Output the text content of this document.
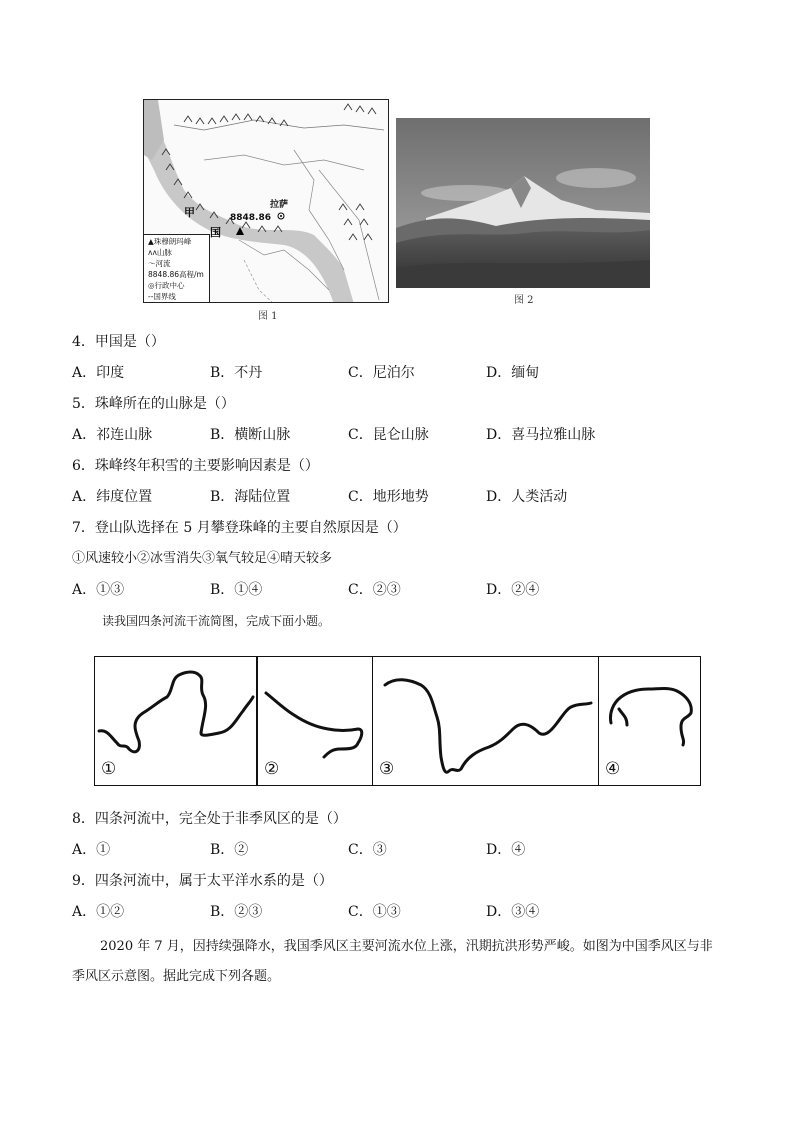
拉萨
8848.86
甲
国
▲珠穆朗玛峰
ʌʌ山脉
〜河流
8848.86高程/m
◎行政中心
--国界线
图 1
图 2
4．甲国是（）
A．印度	B．不丹	C．尼泊尔	D．缅甸
5．珠峰所在的山脉是（）
A．祁连山脉	B．横断山脉	C．昆仑山脉	D．喜马拉雅山脉
6．珠峰终年积雪的主要影响因素是（）
A．纬度位置	B．海陆位置	C．地形地势	D．人类活动
7．登山队选择在 5 月攀登珠峰的主要自然原因是（）
①风速较小②冰雪消失③氧气较足④晴天较多
A．①③	B．①④	C．②③	D．②④
读我国四条河流干流简图，完成下面小题。
①	②	③	④
8．四条河流中，完全处于非季风区的是（）
A．①	B．②	C．③	D．④
9．四条河流中，属于太平洋水系的是（）
A．①②	B．②③	C．①③	D．③④
2020 年 7 月，因持续强降水，我国季风区主要河流水位上涨，汛期抗洪形势严峻。如图为中国季风区与非季风区示意图。据此完成下列各题。
